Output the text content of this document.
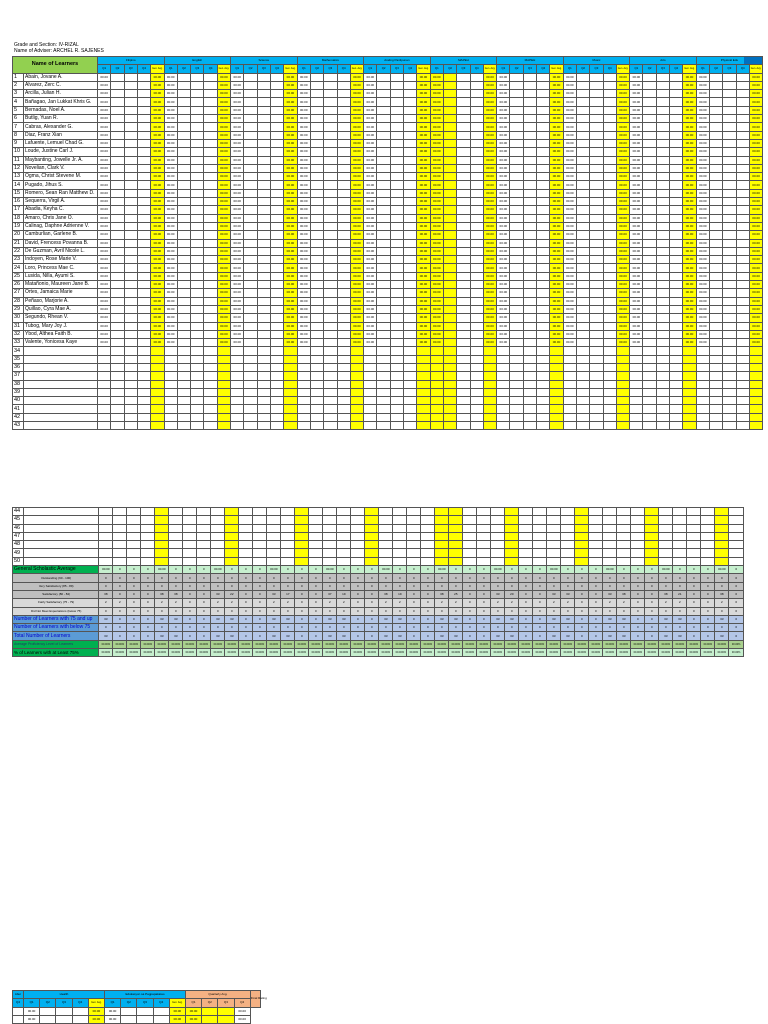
Grade and Section: IV-RIZAL
Name of Adviser: ARCHEL R. SAJENES
Name of Learners		Filipino					English					Science					Mathematics					Araling Panlipunan					MAPEH					MAPEH					Music					Arts					Physical Edu				
		Q1	Q2	Q3	Q4	Gen. Avg.	Q1	Q2	Q3	Q4	Gen. Avg.	Q1	Q2	Q3	Q4	Gen. Avg.	Q1	Q2	Q3	Q4	Gen. Avg.	Q1	Q2	Q3	Q4	Gen. Avg.	Q1	Q2	Q3	Q4	Gen. Avg.	Q1	Q2	Q3	Q4	Gen. Avg.	Q1	Q2	Q3	Q4	Gen. Avg.	Q1	Q2	Q3	Q4	Gen. Avg.	Q1	Q2	Q3	Q4	Gen. Avg.
1	Abain, Jovane A.	00.00				00.00	00.00				00.00	00.00				00.00	00.00				00.00	00.00				00.00	00.00				00.00	00.00				00.00	00.00				00.00	00.00				00.00	00.00				00.00
2	Alvarez, Zerc C.	00.00				00.00	00.00				00.00	00.00				00.00	00.00				00.00	00.00				00.00	00.00				00.00	00.00				00.00	00.00				00.00	00.00				00.00	00.00				00.00
3	Arcilla, Julian H.	00.00				00.00	00.00				00.00	00.00				00.00	00.00				00.00	00.00				00.00	00.00				00.00	00.00				00.00	00.00				00.00	00.00				00.00	00.00				00.00
4	Bañagao, Jan Lukkat Khris G.	00.00				00.00	00.00				00.00	00.00				00.00	00.00				00.00	00.00				00.00	00.00				00.00	00.00				00.00	00.00				00.00	00.00				00.00	00.00				00.00
5	Bernadas, Noel A.	00.00				00.00	00.00				00.00	00.00				00.00	00.00				00.00	00.00				00.00	00.00				00.00	00.00				00.00	00.00				00.00	00.00				00.00	00.00				00.00
6	Butlig, Yuan R.	00.00				00.00	00.00				00.00	00.00				00.00	00.00				00.00	00.00				00.00	00.00				00.00	00.00				00.00	00.00				00.00	00.00				00.00	00.00				00.00
7	Cabras, Alexander G.	00.00				00.00	00.00				00.00	00.00				00.00	00.00				00.00	00.00				00.00	00.00				00.00	00.00				00.00	00.00				00.00	00.00				00.00	00.00				00.00
8	Diaz, Franz Xian	00.00				00.00	00.00				00.00	00.00				00.00	00.00				00.00	00.00				00.00	00.00				00.00	00.00				00.00	00.00				00.00	00.00				00.00	00.00				00.00
9	Lafuente, Lemuel Chad G.	00.00				00.00	00.00				00.00	00.00				00.00	00.00				00.00	00.00				00.00	00.00				00.00	00.00				00.00	00.00				00.00	00.00				00.00	00.00				00.00
10	Loude, Justine Carl J.	00.00				00.00	00.00				00.00	00.00				00.00	00.00				00.00	00.00				00.00	00.00				00.00	00.00				00.00	00.00				00.00	00.00				00.00	00.00				00.00
11	Maybanting, Jowelle Jr. A.	00.00				00.00	00.00				00.00	00.00				00.00	00.00				00.00	00.00				00.00	00.00				00.00	00.00				00.00	00.00				00.00	00.00				00.00	00.00				00.00
12	Novelian, Clark V.	00.00				00.00	00.00				00.00	00.00				00.00	00.00				00.00	00.00				00.00	00.00				00.00	00.00				00.00	00.00				00.00	00.00				00.00	00.00				00.00
13	Ogma, Christ Stevene M.	00.00				00.00	00.00				00.00	00.00				00.00	00.00				00.00	00.00				00.00	00.00				00.00	00.00				00.00	00.00				00.00	00.00				00.00	00.00				00.00
14	Pugado, Jihus S.	00.00				00.00	00.00				00.00	00.00				00.00	00.00				00.00	00.00				00.00	00.00				00.00	00.00				00.00	00.00				00.00	00.00				00.00	00.00				00.00
15	Romero, Sean Ran Matthew D.	00.00				00.00	00.00				00.00	00.00				00.00	00.00				00.00	00.00				00.00	00.00				00.00	00.00				00.00	00.00				00.00	00.00				00.00	00.00				00.00
16	Sequerra, Virgil A.	00.00				00.00	00.00				00.00	00.00				00.00	00.00				00.00	00.00				00.00	00.00				00.00	00.00				00.00	00.00				00.00	00.00				00.00	00.00				00.00
17	Abadia, Keyha C.	00.00				00.00	00.00				00.00	00.00				00.00	00.00				00.00	00.00				00.00	00.00				00.00	00.00				00.00	00.00				00.00	00.00				00.00	00.00				00.00
18	Amaro, Chris Jane O.	00.00				00.00	00.00				00.00	00.00				00.00	00.00				00.00	00.00				00.00	00.00				00.00	00.00				00.00	00.00				00.00	00.00				00.00	00.00				00.00
19	Calinag, Daphne Adrienne V.	00.00				00.00	00.00				00.00	00.00				00.00	00.00				00.00	00.00				00.00	00.00				00.00	00.00				00.00	00.00				00.00	00.00				00.00	00.00				00.00
20	Camburlian, Garlene B.	00.00				00.00	00.00				00.00	00.00				00.00	00.00				00.00	00.00				00.00	00.00				00.00	00.00				00.00	00.00				00.00	00.00				00.00	00.00				00.00
21	David, Frencess Povanna B.	00.00				00.00	00.00				00.00	00.00				00.00	00.00				00.00	00.00				00.00	00.00				00.00	00.00				00.00	00.00				00.00	00.00				00.00	00.00				00.00
22	De Guzman, Avril Nicole L.	00.00				00.00	00.00				00.00	00.00				00.00	00.00				00.00	00.00				00.00	00.00				00.00	00.00				00.00	00.00				00.00	00.00				00.00	00.00				00.00
23	Indoyen, Rose Marie V.	00.00				00.00	00.00				00.00	00.00				00.00	00.00				00.00	00.00				00.00	00.00				00.00	00.00				00.00	00.00				00.00	00.00				00.00	00.00				00.00
24	Loro, Princess Mae C.	00.00				00.00	00.00				00.00	00.00				00.00	00.00				00.00	00.00				00.00	00.00				00.00	00.00				00.00	00.00				00.00	00.00				00.00	00.00				00.00
25	Lusida, Nilla, Ayumi S.	00.00				00.00	00.00				00.00	00.00				00.00	00.00				00.00	00.00				00.00	00.00				00.00	00.00				00.00	00.00				00.00	00.00				00.00	00.00				00.00
26	Matañonio, Maureen Jane B.	00.00				00.00	00.00				00.00	00.00				00.00	00.00				00.00	00.00				00.00	00.00				00.00	00.00				00.00	00.00				00.00	00.00				00.00	00.00				00.00
27	Ortes, Jamaica Marie	00.00				00.00	00.00				00.00	00.00				00.00	00.00				00.00	00.00				00.00	00.00				00.00	00.00				00.00	00.00				00.00	00.00				00.00	00.00				00.00
28	Peñaso, Marjorie A.	00.00				00.00	00.00				00.00	00.00				00.00	00.00				00.00	00.00				00.00	00.00				00.00	00.00				00.00	00.00				00.00	00.00				00.00	00.00				00.00
29	Quillao, Cyra Mae A.	00.00				00.00	00.00				00.00	00.00				00.00	00.00				00.00	00.00				00.00	00.00				00.00	00.00				00.00	00.00				00.00	00.00				00.00	00.00				00.00
30	Segundo, Rhean V.	00.00				00.00	00.00				00.00	00.00				00.00	00.00				00.00	00.00				00.00	00.00				00.00	00.00				00.00	00.00				00.00	00.00				00.00	00.00				00.00
31	Tubog, Mary Joy J.	00.00				00.00	00.00				00.00	00.00				00.00	00.00				00.00	00.00				00.00	00.00				00.00	00.00				00.00	00.00				00.00	00.00				00.00	00.00				00.00
32	Ybod, Althea Faith B.	00.00				00.00	00.00				00.00	00.00				00.00	00.00				00.00	00.00				00.00	00.00				00.00	00.00				00.00	00.00				00.00	00.00				00.00	00.00				00.00
33	Valente, Yonicesa Kaye	00.00				00.00	00.00				00.00	00.00				00.00	00.00				00.00	00.00				00.00	00.00				00.00	00.00				00.00	00.00				00.00	00.00				00.00	00.00				00.00
34																																																			
35																																																			
36																																																			
37																																																			
38																																																			
39																																																			
40																																																			
41																																																			
42																																																			
43																																																			
44																																															
45																																															
46																																															
47																																															
48																																															
49																																															
50																																															
General Scholastic Average		00.00	0	0	0	00.00	0	0	0	00.00	0	0	0	00.00	0	0	0	00.00	0	0	0	00.00	0	0	0	00.00	0	0	0	00.00	0	0	0	00.00	0	0	0	00.00	0	0	0	00.00	0	0	0	00.00	0
Outstanding (90 - 100)		0	0	0	0	0	0	0	0	0	0	0	0	0	0	0	0	0	0	0	0	0	0	0	0	0	0	0	0	0	0	0	0	0	0	0	0	0	0	0	0	0	0	0	0	0	0
Very Satisfactory (85 - 89)		0	0	0	0	0	0	0	0	0	0	0	0	0	0	0	0	0	0	0	0	0	0	0	0	0	0	0	0	0	0	0	0	0	0	0	0	0	0	0	0	0	0	0	0	0	0
Satisfactory (80 - 84)		38	0	0	0	38	38	0	0	33	22	0	0	33	17	0	0	37	19	0	0	38	19	0	0	38	25	0	0	33	20	0	0	33	33	0	0	33	38	0	0	38	21	0	0	38	0
Fairly Satisfactory (75 - 79)		2	2	0	0	2	2	0	0	2	2	0	0	2	2	0	0	2	2	0	0	2	2	0	0	2	2	0	0	2	2	0	0	2	2	0	0	2	2	0	0	2	2	0	0	2	0
Did Not Meet Expectations (below 75)		0	0	0	0	0	0	0	0	0	0	0	0	0	0	0	0	0	0	0	0	0	0	0	0	0	0	0	0	0	0	0	0	0	0	0	0	0	0	0	0	0	0	0	0	0	0
Number of Learners with 75 and up		33	0	0	0	33	33	0	0	33	33	0	0	33	33	0	0	33	33	0	0	33	33	0	0	33	33	0	0	33	33	0	0	33	33	0	0	33	33	0	0	33	33	0	0	33	0
Number of Learners with below 75		0	0	0	0	0	0	0	0	0	0	0	0	0	0	0	0	0	0	0	0	0	0	0	0	0	0	0	0	0	0	0	0	0	0	0	0	0	0	0	0	0	0	0	0	0	0
Total Number of Learners		33	0	0	0	33	33	0	0	33	33	0	0	33	33	0	0	33	33	0	0	33	33	0	0	33	33	0	0	33	33	0	0	33	33	0	0	33	33	0	0	33	33	0	0	33	0
Average Proficiency Level of Learners		00.00%	00.00%	00.00%	00.00%	00.00%	00.00%	00.00%	00.00%	00.00%	00.00%	00.00%	00.00%	00.00%	00.00%	00.00%	00.00%	00.00%	00.00%	00.00%	00.00%	00.00%	00.00%	00.00%	00.00%	00.00%	00.00%	00.00%	00.00%	00.00%	00.00%	00.00%	00.00%	00.00%	00.00%	00.00%	00.00%	00.00%	00.00%	00.00%	00.00%	00.00%	00.00%	00.00%	00.00%	00.00%	00.00%
% of Learners with at Least 75%		00.00%	00.00%	00.00%	00.00%	00.00%	00.00%	00.00%	00.00%	00.00%	00.00%	00.00%	00.00%	00.00%	00.00%	00.00%	00.00%	00.00%	00.00%	00.00%	00.00%	00.00%	00.00%	00.00%	00.00%	00.00%	00.00%	00.00%	00.00%	00.00%	00.00%	00.00%	00.00%	00.00%	00.00%	00.00%	00.00%	00.00%	00.00%	00.00%	00.00%	00.00%	00.00%	00.00%	00.00%	00.00%	00.00%
Alter	Health					Edukasyon sa Pagpapakatao					Quarterly Avg.				Final Rating
Q4	Q1	Q2	Q3	Q4	Gen. Avg.	Q1	Q2	Q3	Q4	Gen. Avg.	Q1	Q2	Q3	Q4	
	00.00				00.00	00.00				00.00	00.00			00.00	
	00.00				00.00	00.00				00.00	00.00			00.00	
